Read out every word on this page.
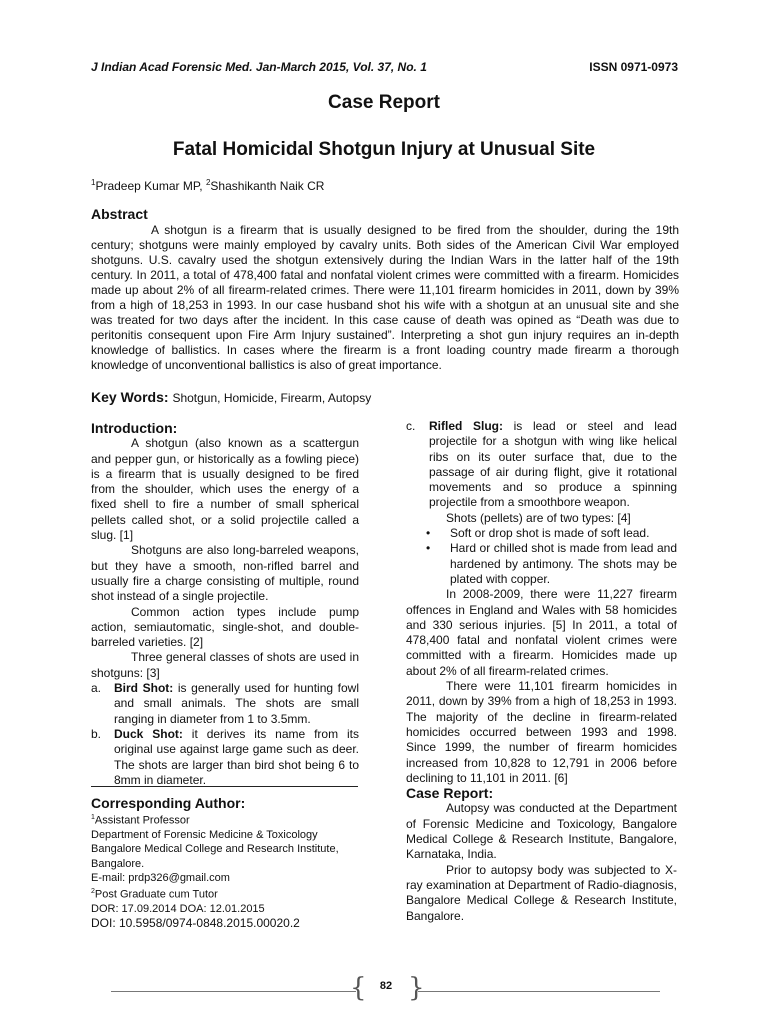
J Indian Acad Forensic Med. Jan-March 2015, Vol. 37, No. 1	ISSN 0971-0973
Case Report
Fatal Homicidal Shotgun Injury at Unusual Site
$^1$Pradeep Kumar MP, $^2$Shashikanth Naik CR
Abstract
A shotgun is a firearm that is usually designed to be fired from the shoulder, during the 19th century; shotguns were mainly employed by cavalry units. Both sides of the American Civil War employed shotguns. U.S. cavalry used the shotgun extensively during the Indian Wars in the latter half of the 19th century. In 2011, a total of 478,400 fatal and nonfatal violent crimes were committed with a firearm. Homicides made up about 2% of all firearm-related crimes. There were 11,101 firearm homicides in 2011, down by 39% from a high of 18,253 in 1993. In our case husband shot his wife with a shotgun at an unusual site and she was treated for two days after the incident. In this case cause of death was opined as “Death was due to peritonitis consequent upon Fire Arm Injury sustained”. Interpreting a shot gun injury requires an in-depth knowledge of ballistics. In cases where the firearm is a front loading country made firearm a thorough knowledge of unconventional ballistics is also of great importance.
Key Words: Shotgun, Homicide, Firearm, Autopsy
Introduction:

A shotgun (also known as a scattergun and pepper gun, or historically as a fowling piece) is a firearm that is usually designed to be fired from the shoulder, which uses the energy of a fixed shell to fire a number of small spherical pellets called shot, or a solid projectile called a slug. [1]

Shotguns are also long-barreled weapons, but they have a smooth, non-rifled barrel and usually fire a charge consisting of multiple, round shot instead of a single projectile.

Common action types include pump action, semiautomatic, single-shot, and double-barreled varieties. [2]

Three general classes of shots are used in shotguns: [3]

a.	Bird Shot: is generally used for hunting fowl and small animals. The shots are small ranging in diameter from 1 to 3.5mm.
b.	Duck Shot: it derives its name from its original use against large game such as deer. The shots are larger than bird shot being 6 to 8mm in diameter.
Corresponding Author:
$^1$Assistant Professor
Department of Forensic Medicine & Toxicology
Bangalore Medical College and Research Institute,
Bangalore.
E-mail: prdp326@gmail.com
$^2$Post Graduate cum Tutor
DOR: 17.09.2014 DOA: 12.01.2015
DOI: 10.5958/0974-0848.2015.00020.2
c.	Rifled Slug: is lead or steel and lead projectile for a shotgun with wing like helical ribs on its outer surface that, due to the passage of air during flight, give it rotational movements and so produce a spinning projectile from a smoothbore weapon.

Shots (pellets) are of two types: [4]

•	Soft or drop shot is made of soft lead.
•	Hard or chilled shot is made from lead and hardened by antimony. The shots may be plated with copper.

In 2008-2009, there were 11,227 firearm offences in England and Wales with 58 homicides and 330 serious injuries. [5] In 2011, a total of 478,400 fatal and nonfatal violent crimes were committed with a firearm. Homicides made up about 2% of all firearm-related crimes.

There were 11,101 firearm homicides in 2011, down by 39% from a high of 18,253 in 1993. The majority of the decline in firearm-related homicides occurred between 1993 and 1998. Since 1999, the number of firearm homicides increased from 10,828 to 12,791 in 2006 before declining to 11,101 in 2011. [6]

Case Report:

Autopsy was conducted at the Department of Forensic Medicine and Toxicology, Bangalore Medical College & Research Institute, Bangalore, Karnataka, India.

Prior to autopsy body was subjected to X-ray examination at Department of Radio-diagnosis, Bangalore Medical College & Research Institute, Bangalore.

{ }
82
